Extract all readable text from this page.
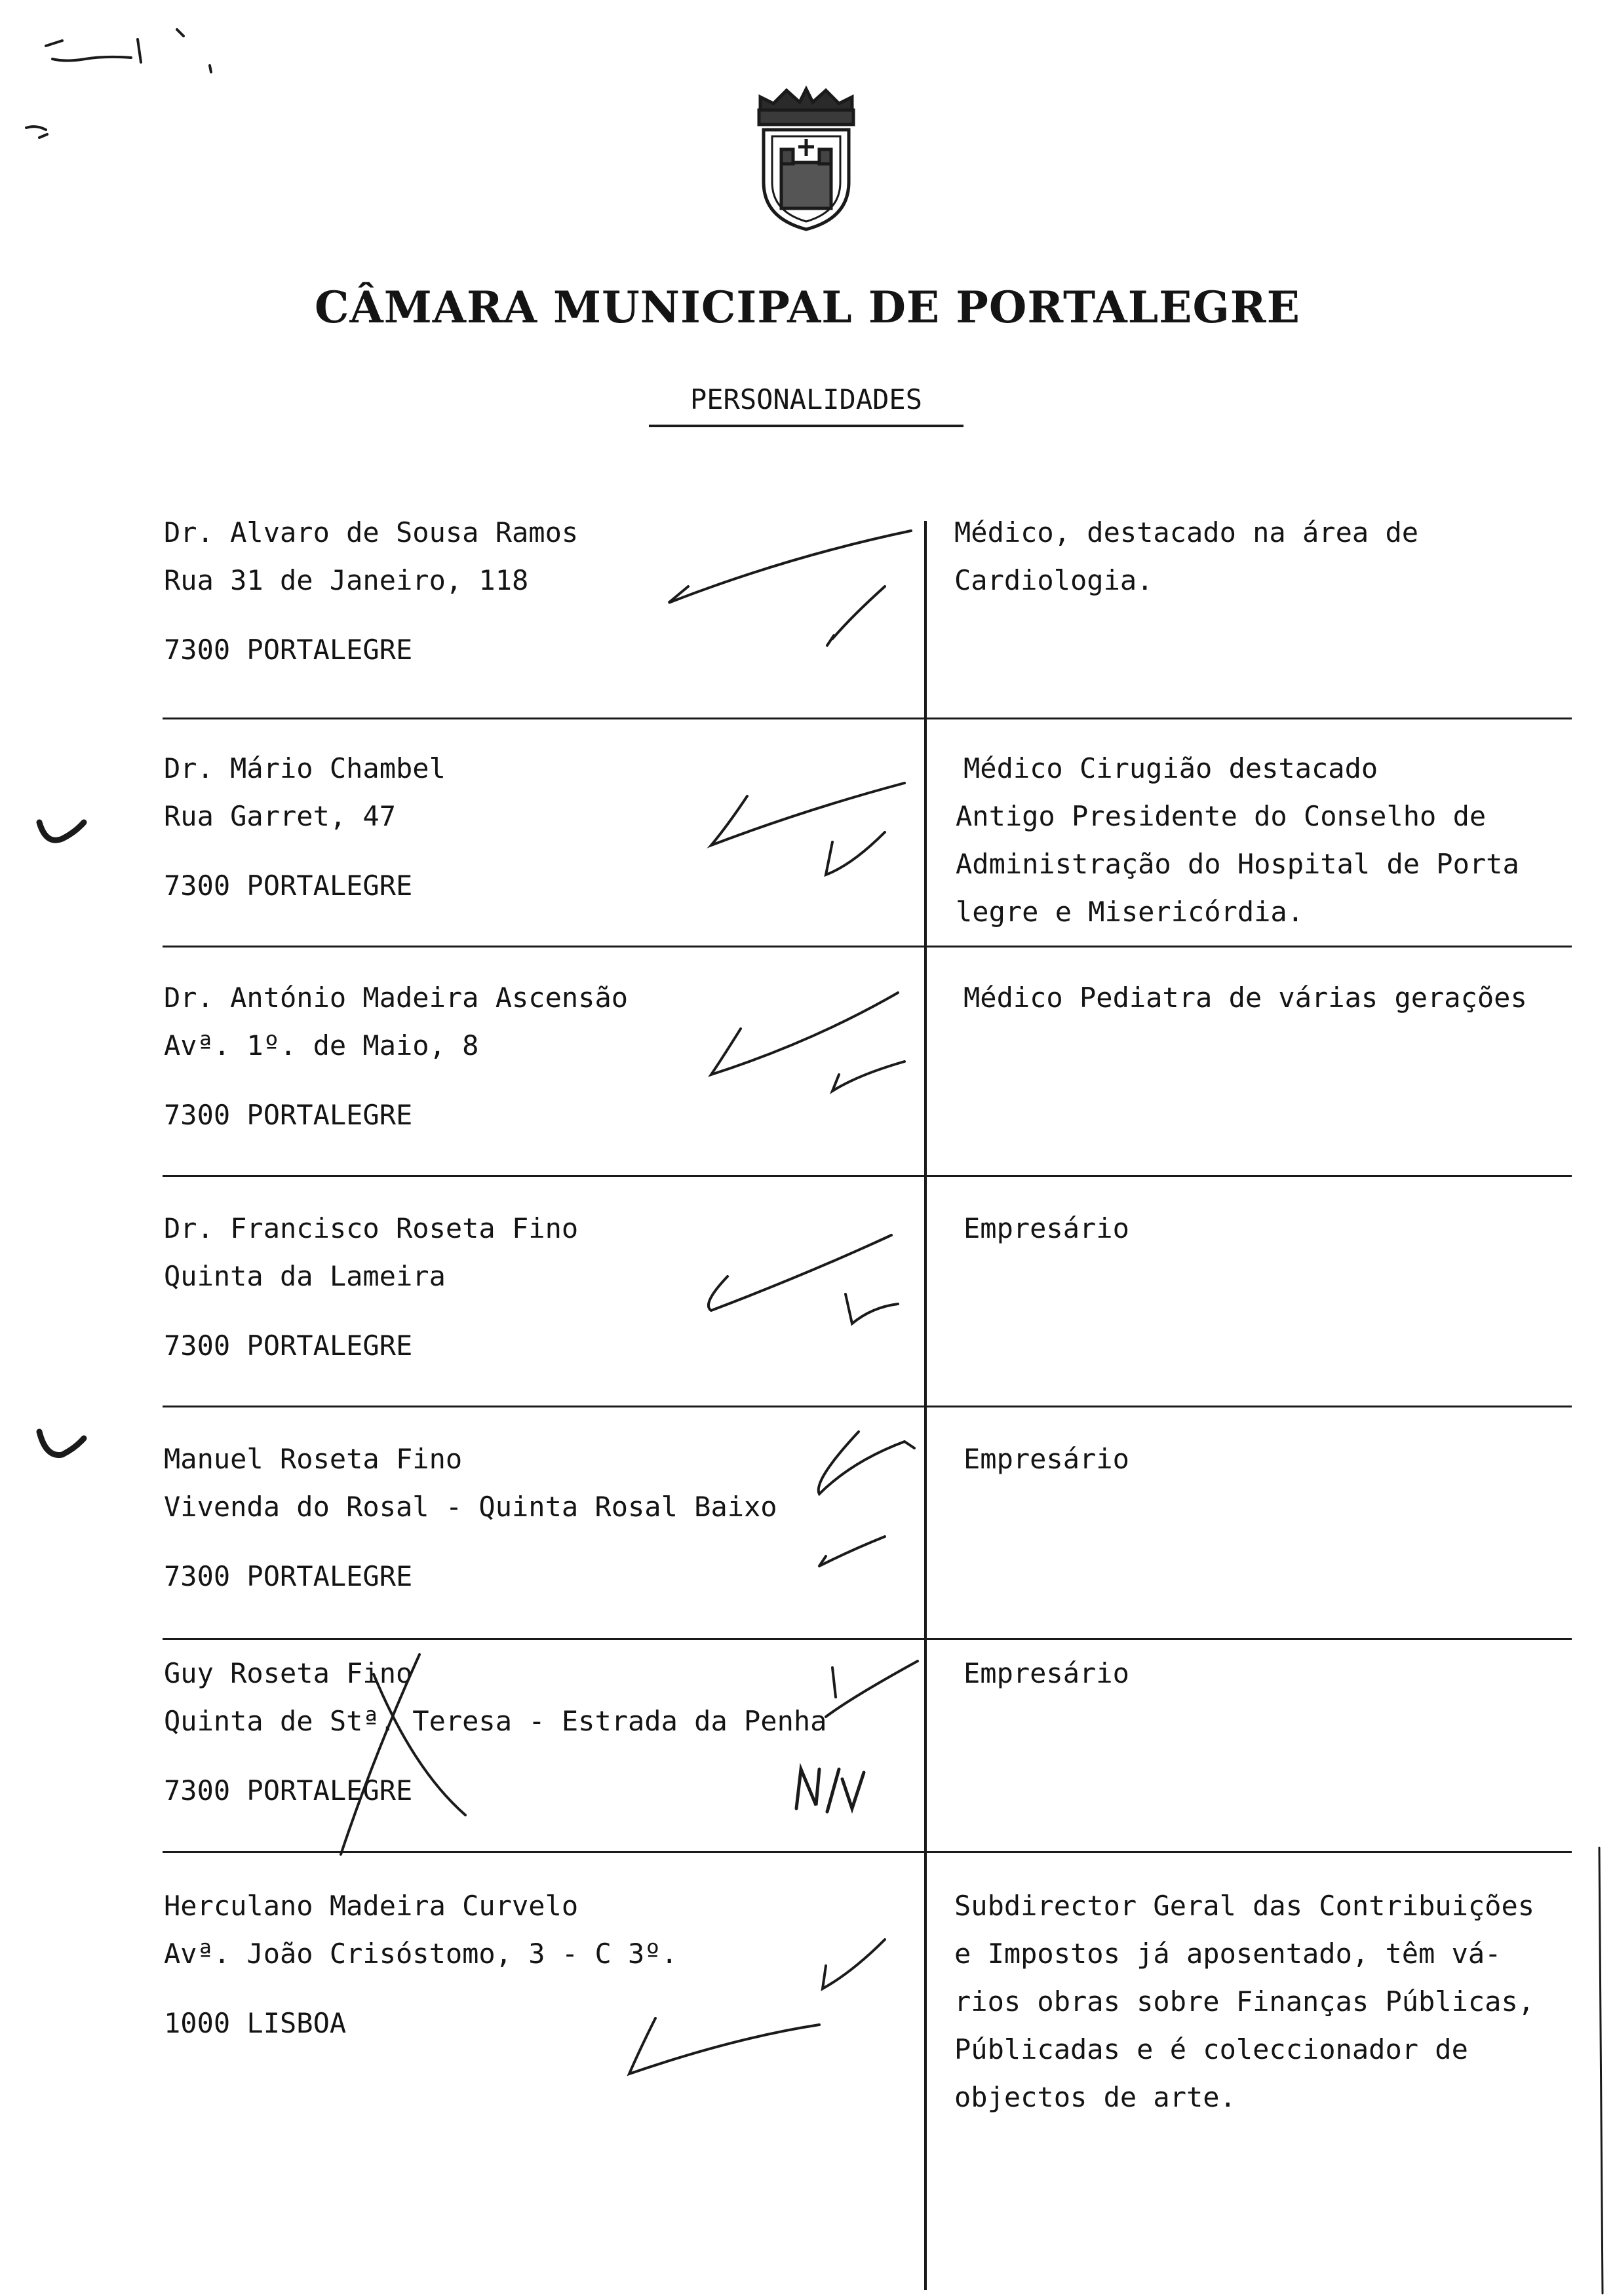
CÂMARA MUNICIPAL DE PORTALEGRE
PERSONALIDADES
Dr. Alvaro de Sousa Ramos
Rua 31 de Janeiro, 118
7300 PORTALEGRE
Médico, destacado na área de
Cardiologia.
Dr. Mário Chambel
Rua Garret, 47
7300 PORTALEGRE
Médico Cirugião destacado
Antigo Presidente do Conselho de
Administração do Hospital de Porta
legre e Misericórdia.
Dr. António Madeira Ascensão
Avª. 1º. de Maio, 8
7300 PORTALEGRE
Médico Pediatra de várias gerações
Dr. Francisco Roseta Fino
Quinta da Lameira
7300 PORTALEGRE
Empresário
Manuel Roseta Fino
Vivenda do Rosal - Quinta Rosal Baixo
7300 PORTALEGRE
Empresário
Guy Roseta Fino
Quinta de Stª. Teresa - Estrada da Penha
7300 PORTALEGRE
Empresário
Herculano Madeira Curvelo
Avª. João Crisóstomo, 3 - C 3º.
1000 LISBOA
Subdirector Geral das Contribuições
e Impostos já aposentado, têm vá-
rios obras sobre Finanças Públicas,
Públicadas e é coleccionador de
objectos de arte.
